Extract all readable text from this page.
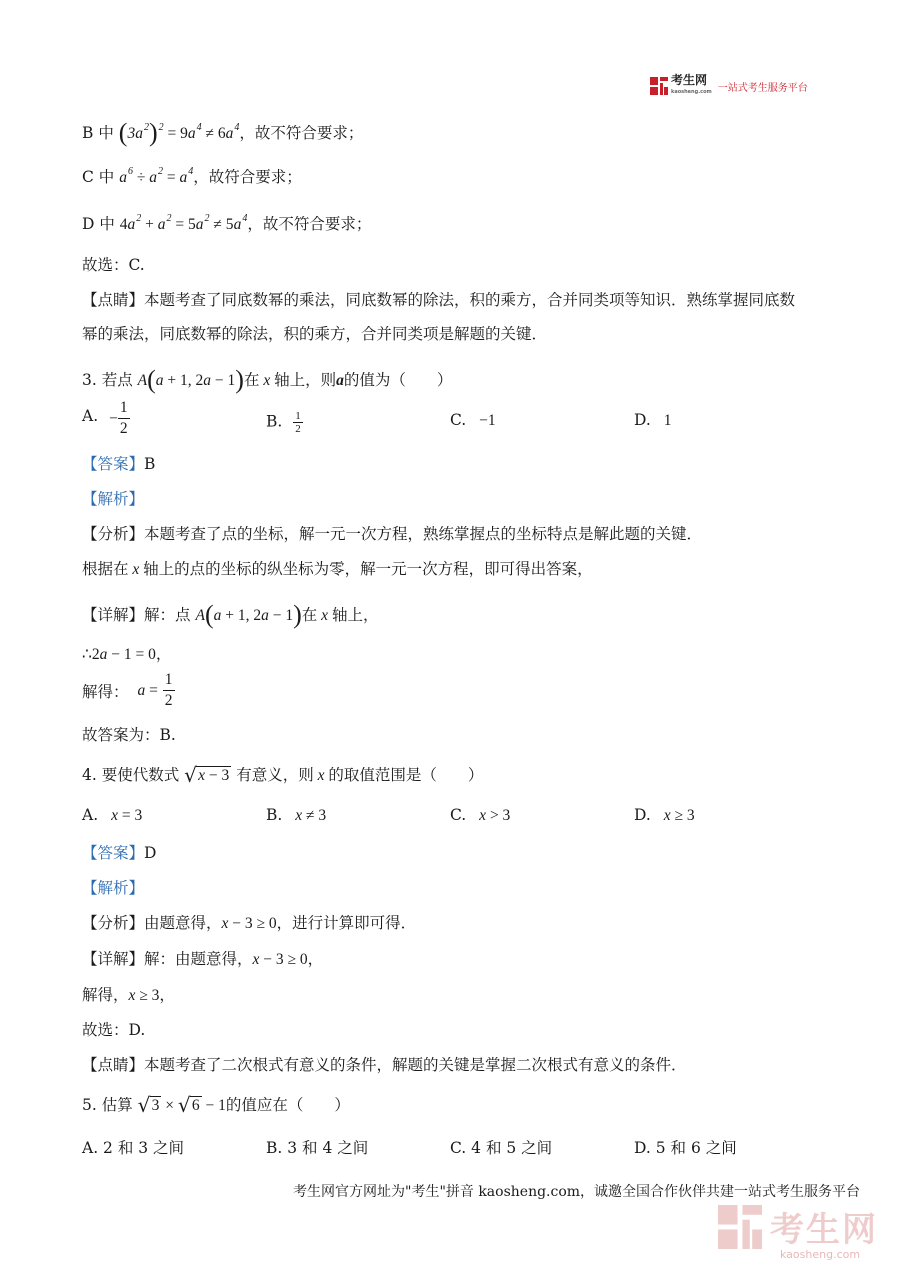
考生网
kaosheng.com 一站式考生服务平台
B 中 $(3a^2)^2 = 9a^4 \ne 6a^4$，故不符合要求；
C 中 $a^6 \div a^2 = a^4$，故符合要求；
D 中 $4a^2 + a^2 = 5a^2 \ne 5a^4$，故不符合要求；
故选：C.
【点睛】本题考查了同底数幂的乘法，同底数幂的除法，积的乘方，合并同类项等知识．熟练掌握同底数
幂的乘法，同底数幂的除法，积的乘方，合并同类项是解题的关键．
3. 若点 A(a + 1, 2a − 1)在 x 轴上，则a的值为（　　）
A. − $\frac{1}{2}$	B. $\frac{1}{2}$	C. −1	D. 1
【答案】B
【解析】
【分析】本题考查了点的坐标，解一元一次方程，熟练掌握点的坐标特点是解此题的关键．
根据在 x 轴上的点的坐标的纵坐标为零，解一元一次方程，即可得出答案，
【详解】解：点 A(a + 1, 2a − 1)在 x 轴上，
∴2a − 1 = 0，
解得： $a = \frac{1}{2}$
故答案为：B.
4. 要使代数式 √ x − 3 有意义，则 x 的取值范围是（　　）
A. x = 3	B. x ≠ 3	C. x > 3	D. x ≥ 3
【答案】D
【解析】
【分析】由题意得，x − 3 ≥ 0，进行计算即可得．
【详解】解：由题意得，x − 3 ≥ 0，
解得，x ≥ 3，
故选：D.
【点睛】本题考查了二次根式有意义的条件，解题的关键是掌握二次根式有意义的条件．
5. 估算 √ 3 × √ 6 − 1的值应在（　　）
A. 2 和 3 之间	B. 3 和 4 之间	C. 4 和 5 之间	D. 5 和 6 之间
考生网官方网址为"考生"拼音 kaosheng.com，诚邀全国合作伙伴共建一站式考生服务平台
考生网
kaosheng.com
